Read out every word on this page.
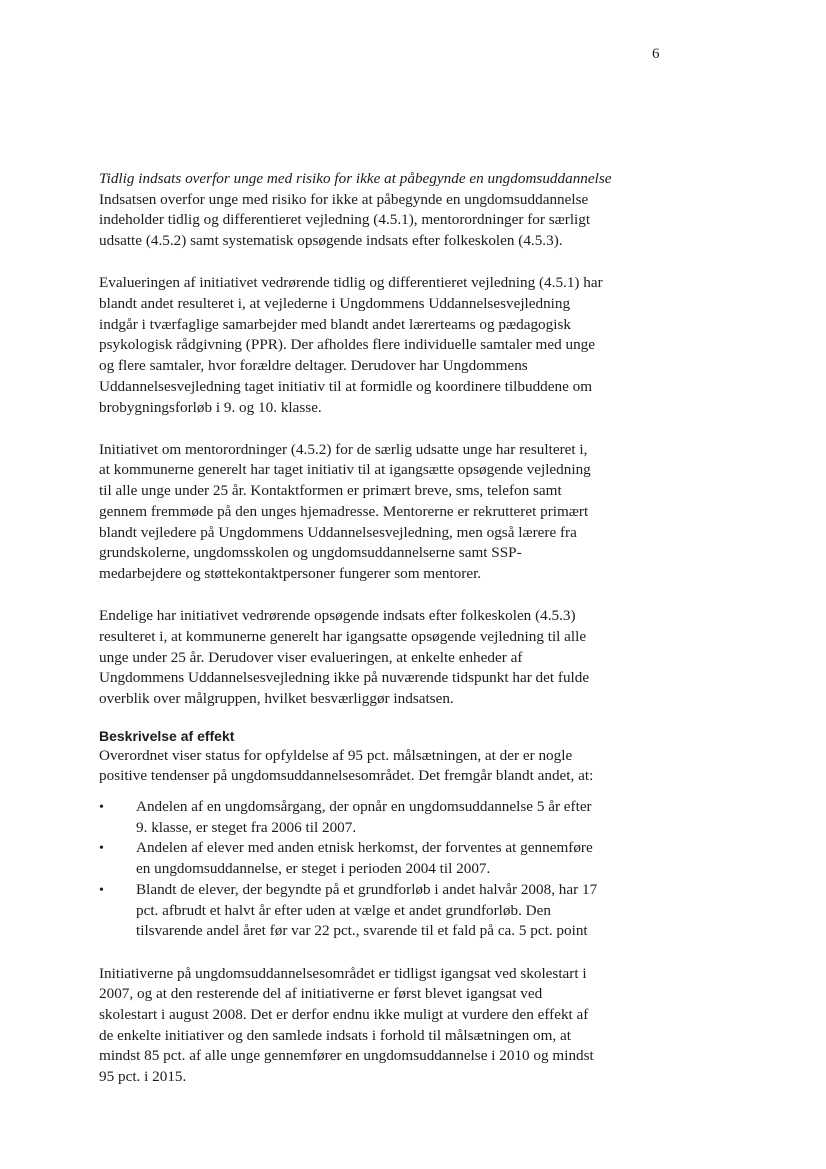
6
Tidlig indsats overfor unge med risiko for ikke at påbegynde en ungdomsuddannelse
Indsatsen overfor unge med risiko for ikke at påbegynde en ungdomsuddannelse
indeholder tidlig og differentieret vejledning (4.5.1), mentorordninger for særligt
udsatte (4.5.2) samt systematisk opsøgende indsats efter folkeskolen (4.5.3).
Evalueringen af initiativet vedrørende tidlig og differentieret vejledning (4.5.1) har
blandt andet resulteret i, at vejlederne i Ungdommens Uddannelsesvejledning
indgår i tværfaglige samarbejder med blandt andet lærerteams og pædagogisk
psykologisk rådgivning (PPR). Der afholdes flere individuelle samtaler med unge
og flere samtaler, hvor forældre deltager. Derudover har Ungdommens
Uddannelsesvejledning taget initiativ til at formidle og koordinere tilbuddene om
brobygningsforløb i 9. og 10. klasse.
Initiativet om mentorordninger (4.5.2) for de særlig udsatte unge har resulteret i,
at kommunerne generelt har taget initiativ til at igangsætte opsøgende vejledning
til alle unge under 25 år. Kontaktformen er primært breve, sms, telefon samt
gennem fremmøde på den unges hjemadresse. Mentorerne er rekrutteret primært
blandt vejledere på Ungdommens Uddannelsesvejledning, men også lærere fra
grundskolerne, ungdomsskolen og ungdomsuddannelserne samt SSP-
medarbejdere og støttekontaktpersoner fungerer som mentorer.
Endelige har initiativet vedrørende opsøgende indsats efter folkeskolen (4.5.3)
resulteret i, at kommunerne generelt har igangsatte opsøgende vejledning til alle
unge under 25 år. Derudover viser evalueringen, at enkelte enheder af
Ungdommens Uddannelsesvejledning ikke på nuværende tidspunkt har det fulde
overblik over målgruppen, hvilket besværliggør indsatsen.
Beskrivelse af effekt
Overordnet viser status for opfyldelse af 95 pct. målsætningen, at der er nogle
positive tendenser på ungdomsuddannelsesområdet. Det fremgår blandt andet, at:
•
Andelen af en ungdomsårgang, der opnår en ungdomsuddannelse 5 år efter
9. klasse, er steget fra 2006 til 2007.
•
Andelen af elever med anden etnisk herkomst, der forventes at gennemføre
en ungdomsuddannelse, er steget i perioden 2004 til 2007.
•
Blandt de elever, der begyndte på et grundforløb i andet halvår 2008, har 17
pct. afbrudt et halvt år efter uden at vælge et andet grundforløb. Den
tilsvarende andel året før var 22 pct., svarende til et fald på ca. 5 pct. point
Initiativerne på ungdomsuddannelsesområdet er tidligst igangsat ved skolestart i
2007, og at den resterende del af initiativerne er først blevet igangsat ved
skolestart i august 2008. Det er derfor endnu ikke muligt at vurdere den effekt af
de enkelte initiativer og den samlede indsats i forhold til målsætningen om, at
mindst 85 pct. af alle unge gennemfører en ungdomsuddannelse i 2010 og mindst
95 pct. i 2015.
